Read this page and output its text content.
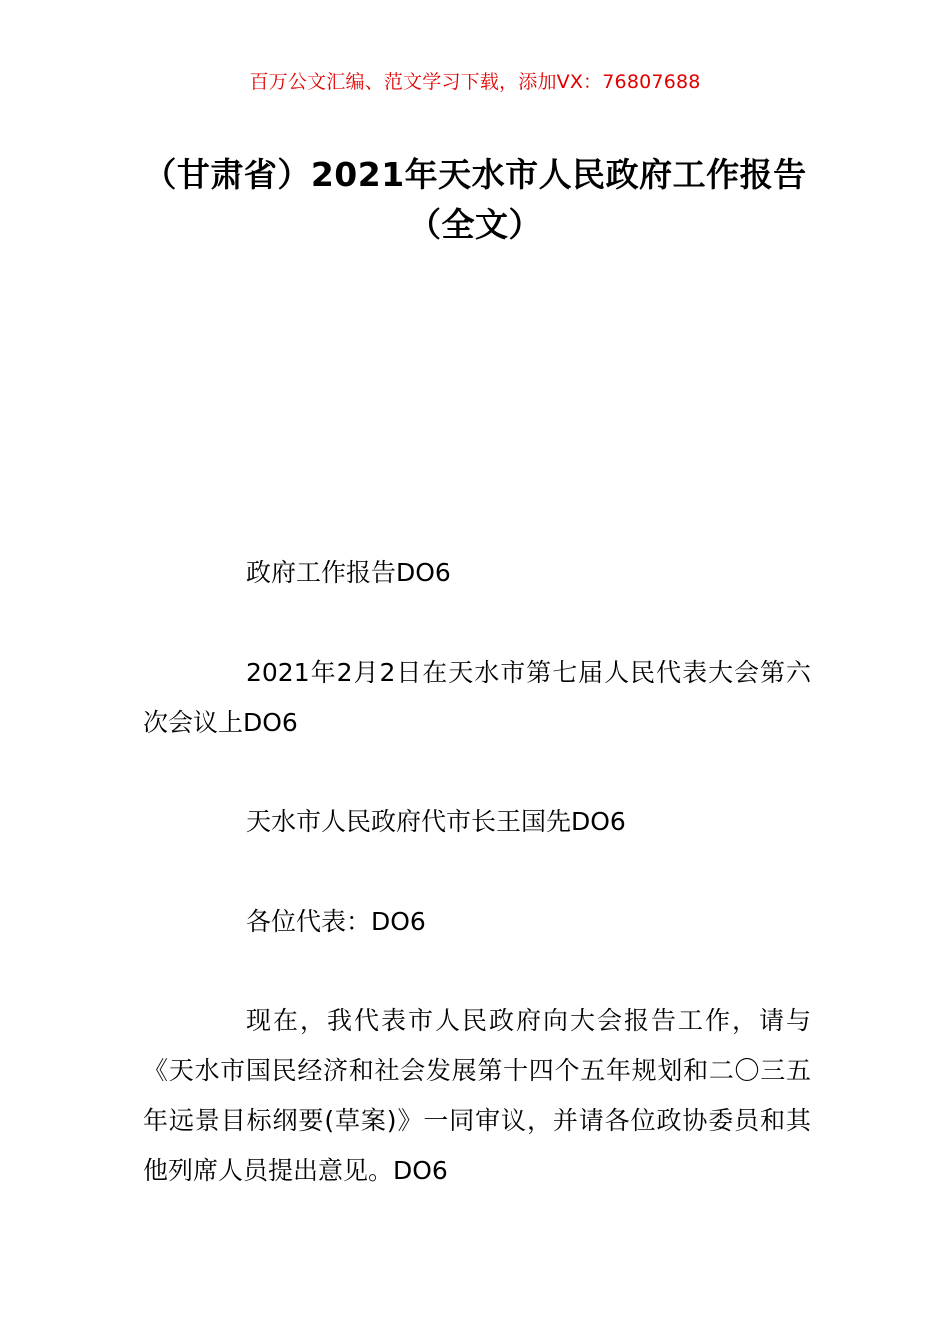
百万公文汇编、范文学习下载，添加VX：76807688
（甘肃省）2021年天水市人民政府工作报告（全文）

政府工作报告DO6

2021年2月2日在天水市第七届人民代表大会第六次会议上DO6

天水市人民政府代市长王国先DO6

各位代表：DO6

现在，我代表市人民政府向大会报告工作，请与《天水市国民经济和社会发展第十四个五年规划和二〇三五年远景目标纲要(草案)》一同审议，并请各位政协委员和其他列席人员提出意见。DO6
